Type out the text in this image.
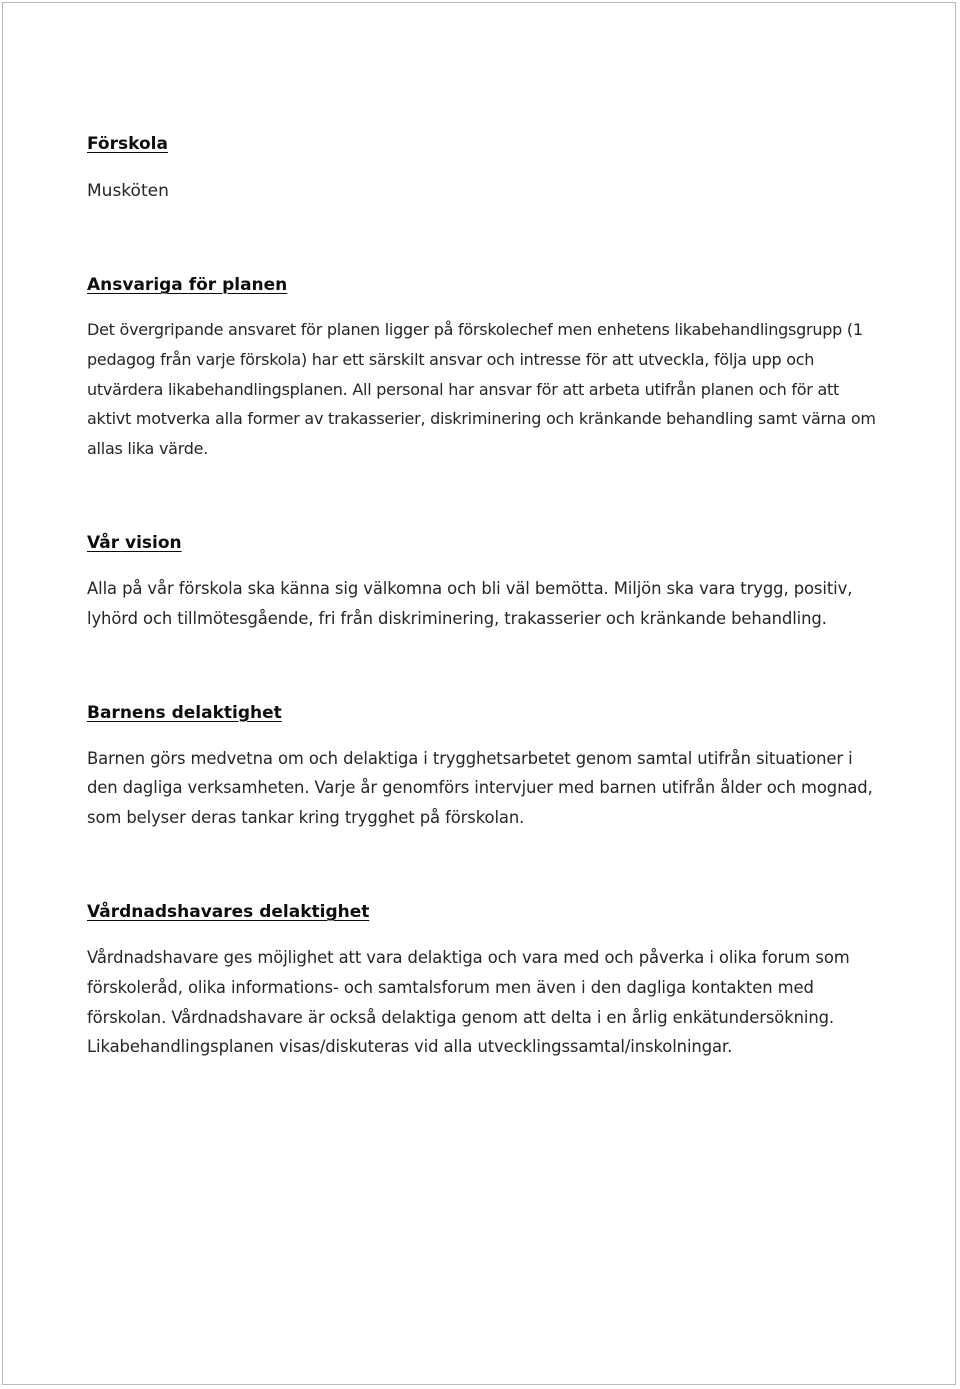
Förskola

Musköten

Ansvariga för planen

Det övergripande ansvaret för planen ligger på förskolechef men enhetens likabehandlingsgrupp (1 pedagog från varje förskola) har ett särskilt ansvar och intresse för att utveckla, följa upp och utvärdera likabehandlingsplanen. All personal har ansvar för att arbeta utifrån planen och för att aktivt motverka alla former av trakasserier, diskriminering och kränkande behandling samt värna om allas lika värde.

Vår vision

Alla på vår förskola ska känna sig välkomna och bli väl bemötta. Miljön ska vara trygg, positiv, lyhörd och tillmötesgående, fri från diskriminering, trakasserier och kränkande behandling.

Barnens delaktighet

Barnen görs medvetna om och delaktiga i trygghetsarbetet genom samtal utifrån situationer i den dagliga verksamheten. Varje år genomförs intervjuer med barnen utifrån ålder och mognad, som belyser deras tankar kring trygghet på förskolan.

Vårdnadshavares delaktighet

Vårdnadshavare ges möjlighet att vara delaktiga och vara med och påverka i olika forum som förskoleråd, olika informations- och samtalsforum men även i den dagliga kontakten med förskolan. Vårdnadshavare är också delaktiga genom att delta i en årlig enkätundersökning. Likabehandlingsplanen visas/diskuteras vid alla utvecklingssamtal/inskolningar.
